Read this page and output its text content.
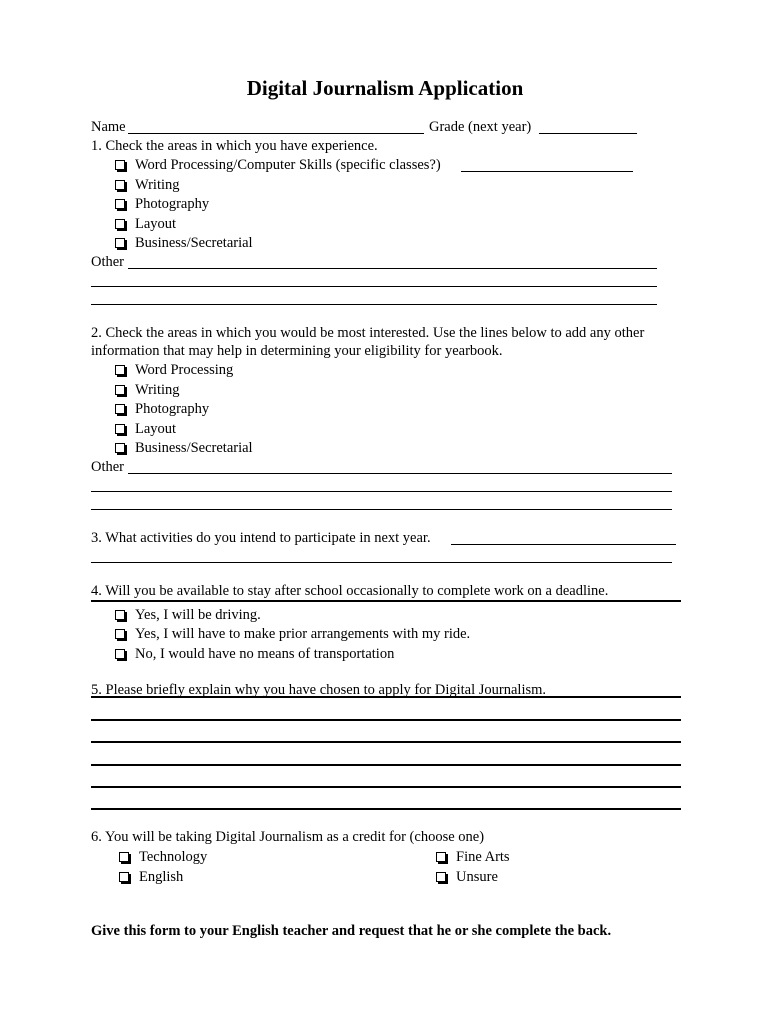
Digital Journalism Application
Name	Grade (next year)
1. Check the areas in which you have experience.
Word Processing/Computer Skills (specific classes?)
Writing
Photography
Layout
Business/Secretarial
Other
2. Check the areas in which you would be most interested. Use the lines below to add any other
information that may help in determining your eligibility for yearbook.
Word Processing
Writing
Photography
Layout
Business/Secretarial
Other
3. What activities do you intend to participate in next year.
4. Will you be available to stay after school occasionally to complete work on a deadline.
Yes, I will be driving.
Yes, I will have to make prior arrangements with my ride.
No, I would have no means of transportation
5. Please briefly explain why you have chosen to apply for Digital Journalism.
6. You will be taking Digital Journalism as a credit for (choose one)
Technology
English
Fine Arts
Unsure
Give this form to your English teacher and request that he or she complete the back.
